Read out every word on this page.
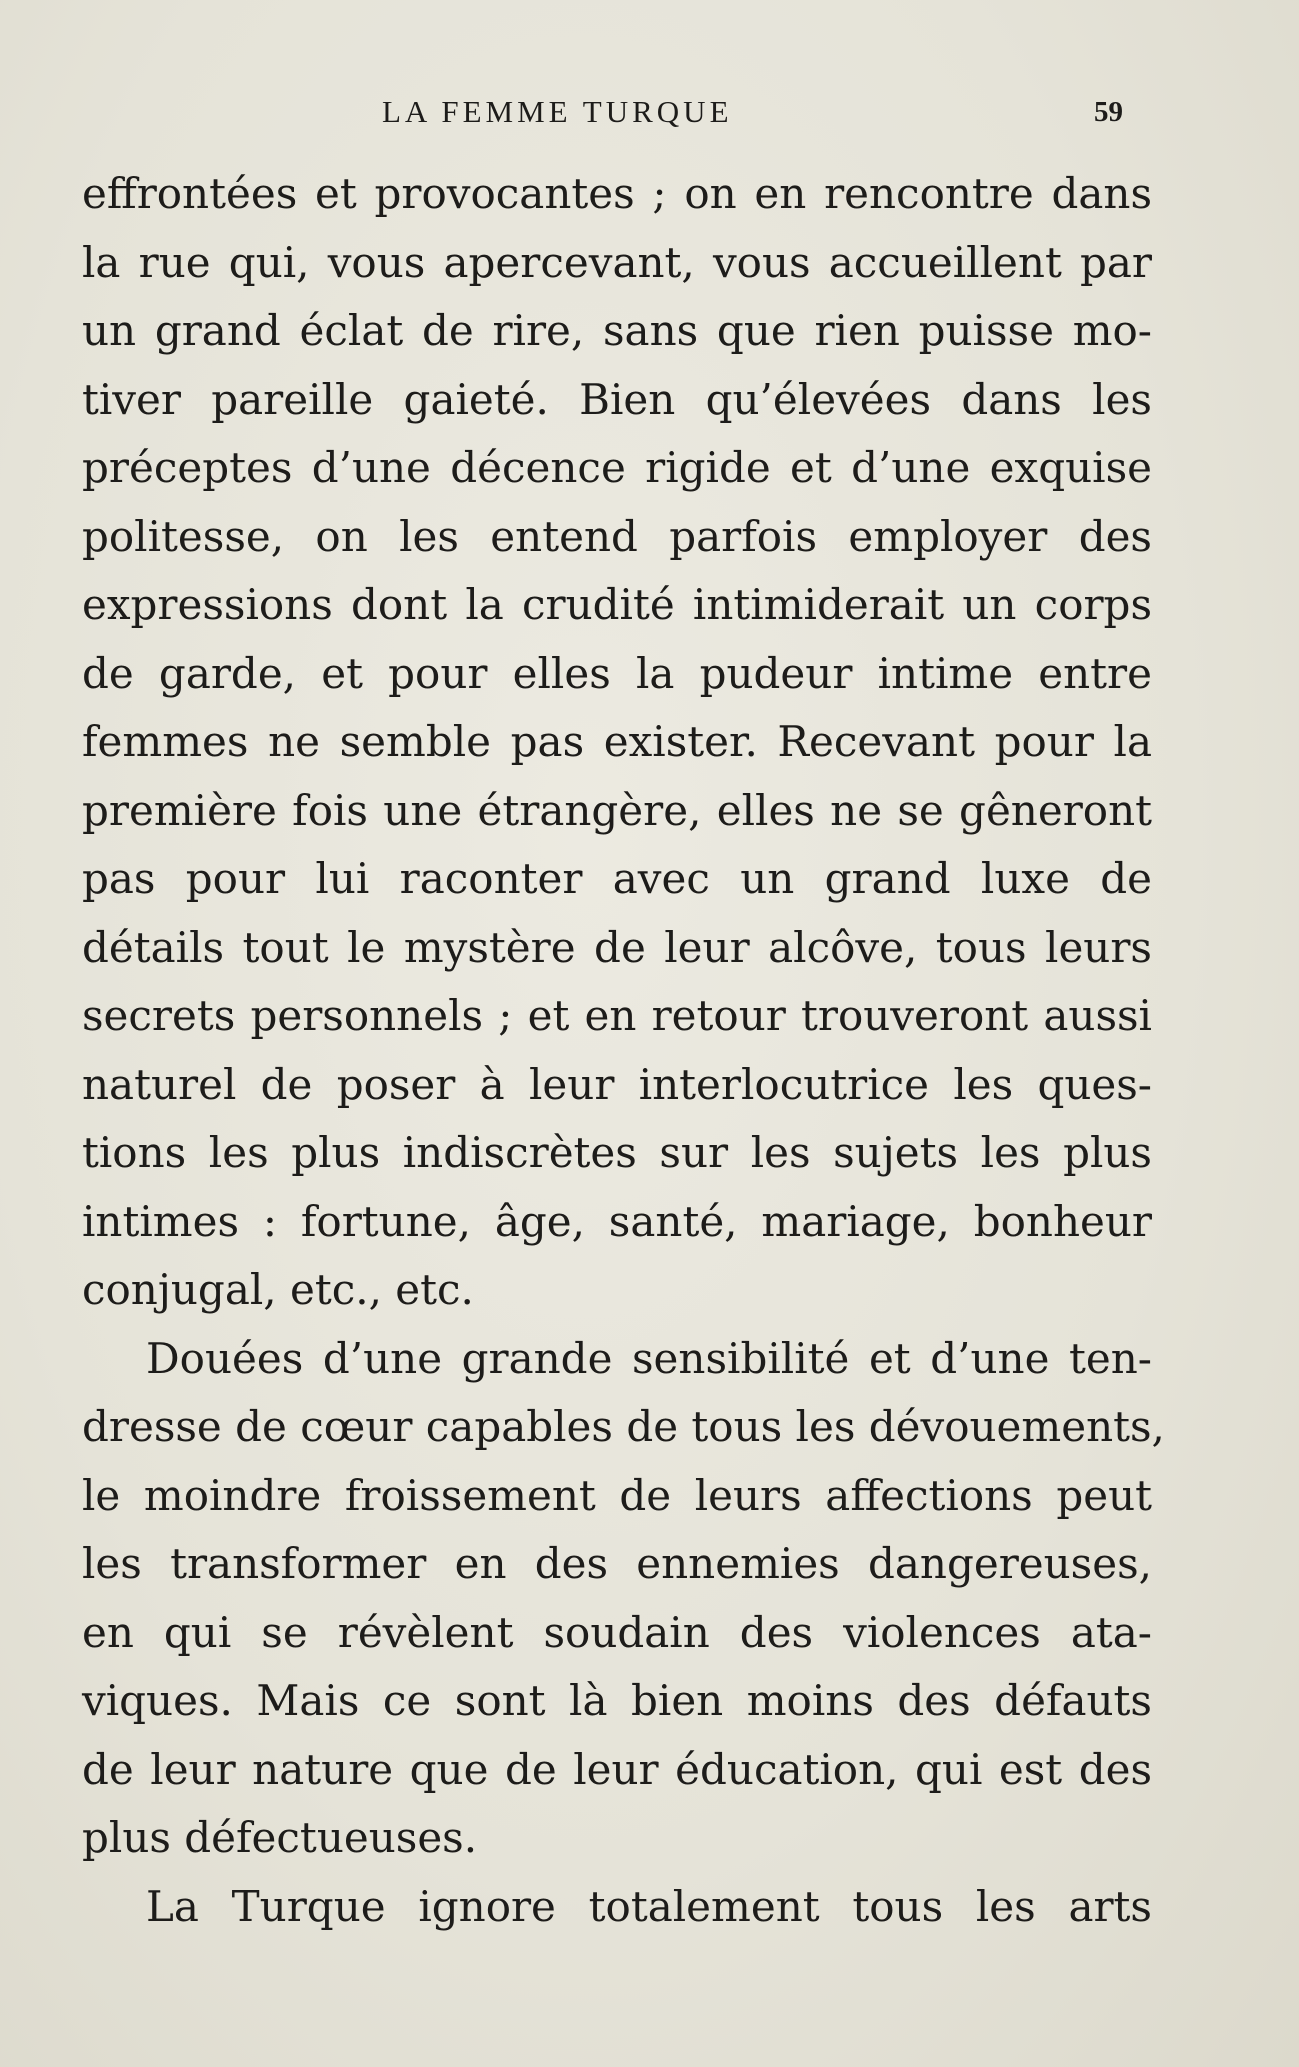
LA FEMME TURQUE	59
effrontées et provocantes ; on en rencontre dans
la rue qui, vous apercevant, vous accueillent par
un grand éclat de rire, sans que rien puisse mo-
tiver pareille gaieté. Bien qu’élevées dans les
préceptes d’une décence rigide et d’une exquise
politesse, on les entend parfois employer des
expressions dont la crudité intimiderait un corps
de garde, et pour elles la pudeur intime entre
femmes ne semble pas exister. Recevant pour la
première fois une étrangère, elles ne se gêneront
pas pour lui raconter avec un grand luxe de
détails tout le mystère de leur alcôve, tous leurs
secrets personnels ; et en retour trouveront aussi
naturel de poser à leur interlocutrice les ques-
tions les plus indiscrètes sur les sujets les plus
intimes : fortune, âge, santé, mariage, bonheur
conjugal, etc., etc.
Douées d’une grande sensibilité et d’une ten-
dresse de cœur capables de tous les dévouements,
le moindre froissement de leurs affections peut
les transformer en des ennemies dangereuses,
en qui se révèlent soudain des violences ata-
viques. Mais ce sont là bien moins des défauts
de leur nature que de leur éducation, qui est des
plus défectueuses.
La Turque ignore totalement tous les arts
